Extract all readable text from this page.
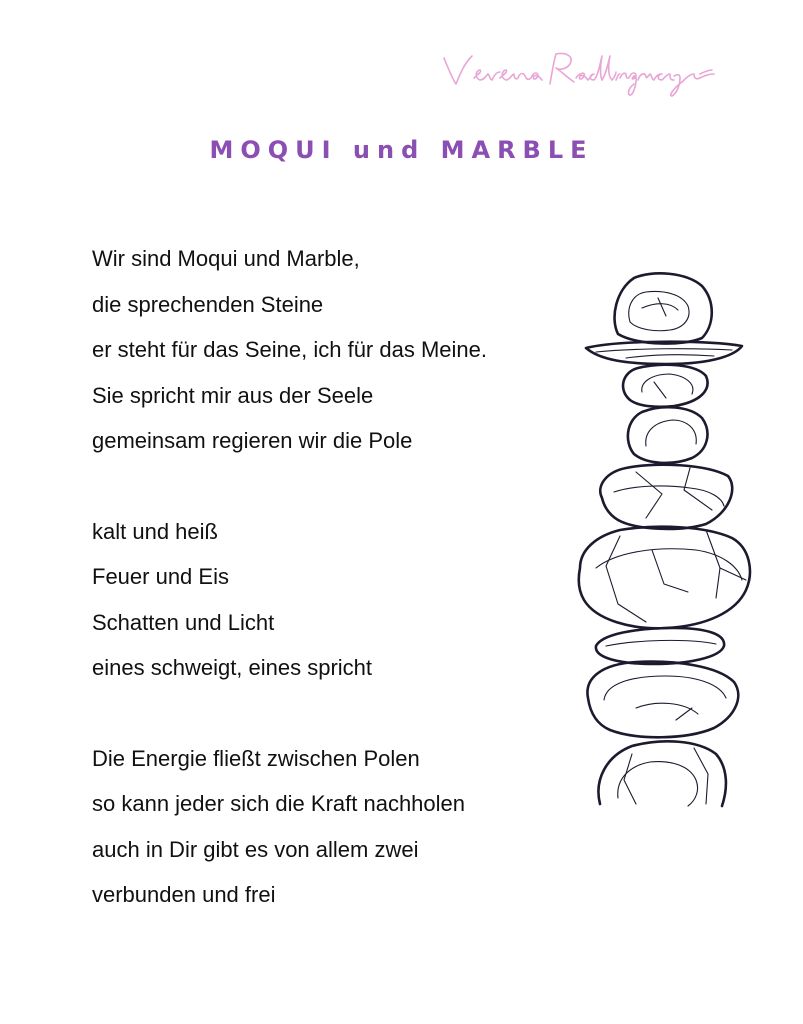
MOQUI und MARBLE
Wir sind Moqui und Marble,
die sprechenden Steine
er steht für das Seine, ich für das Meine.
Sie spricht mir aus der Seele
gemeinsam regieren wir die Pole
kalt und heiß
Feuer und Eis
Schatten und Licht
eines schweigt, eines spricht
Die Energie fließt zwischen Polen
so kann jeder sich die Kraft nachholen
auch in Dir gibt es von allem zwei
verbunden und frei
